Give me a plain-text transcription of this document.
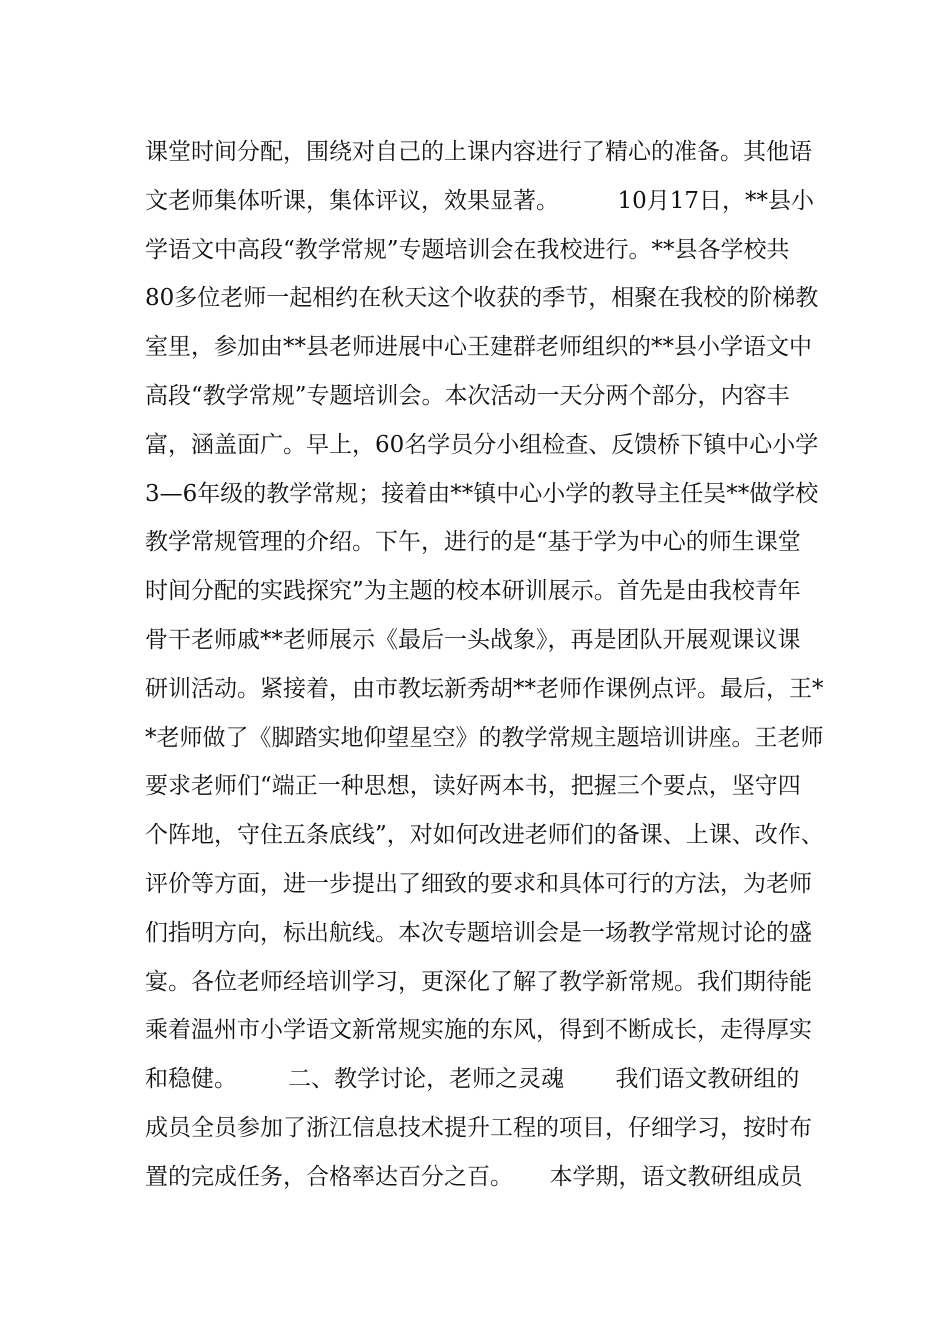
课堂时间分配，围绕对自己的上课内容进行了精心的准备。其他语
文老师集体听课，集体评议，效果显著。        10月17日，**县小
学语文中高段“教学常规”专题培训会在我校进行。**县各学校共
80多位老师一起相约在秋天这个收获的季节，相聚在我校的阶梯教
室里，参加由**县老师进展中心王建群老师组织的**县小学语文中
高段“教学常规”专题培训会。本次活动一天分两个部分，内容丰
富，涵盖面广。早上，60名学员分小组检查、反馈桥下镇中心小学
3—6年级的教学常规；接着由**镇中心小学的教导主任吴**做学校
教学常规管理的介绍。下午，进行的是“基于学为中心的师生课堂
时间分配的实践探究”为主题的校本研训展示。首先是由我校青年
骨干老师戚**老师展示《最后一头战象》，再是团队开展观课议课
研训活动。紧接着，由市教坛新秀胡**老师作课例点评。最后，王*
*老师做了《脚踏实地仰望星空》的教学常规主题培训讲座。王老师
要求老师们“端正一种思想，读好两本书，把握三个要点，坚守四
个阵地，守住五条底线”，对如何改进老师们的备课、上课、改作、
评价等方面，进一步提出了细致的要求和具体可行的方法，为老师
们指明方向，标出航线。本次专题培训会是一场教学常规讨论的盛
宴。各位老师经培训学习，更深化了解了教学新常规。我们期待能
乘着温州市小学语文新常规实施的东风，得到不断成长，走得厚实
和稳健。       二、教学讨论，老师之灵魂       我们语文教研组的
成员全员参加了浙江信息技术提升工程的项目，仔细学习，按时布
置的完成任务，合格率达百分之百。     本学期，语文教研组成员
